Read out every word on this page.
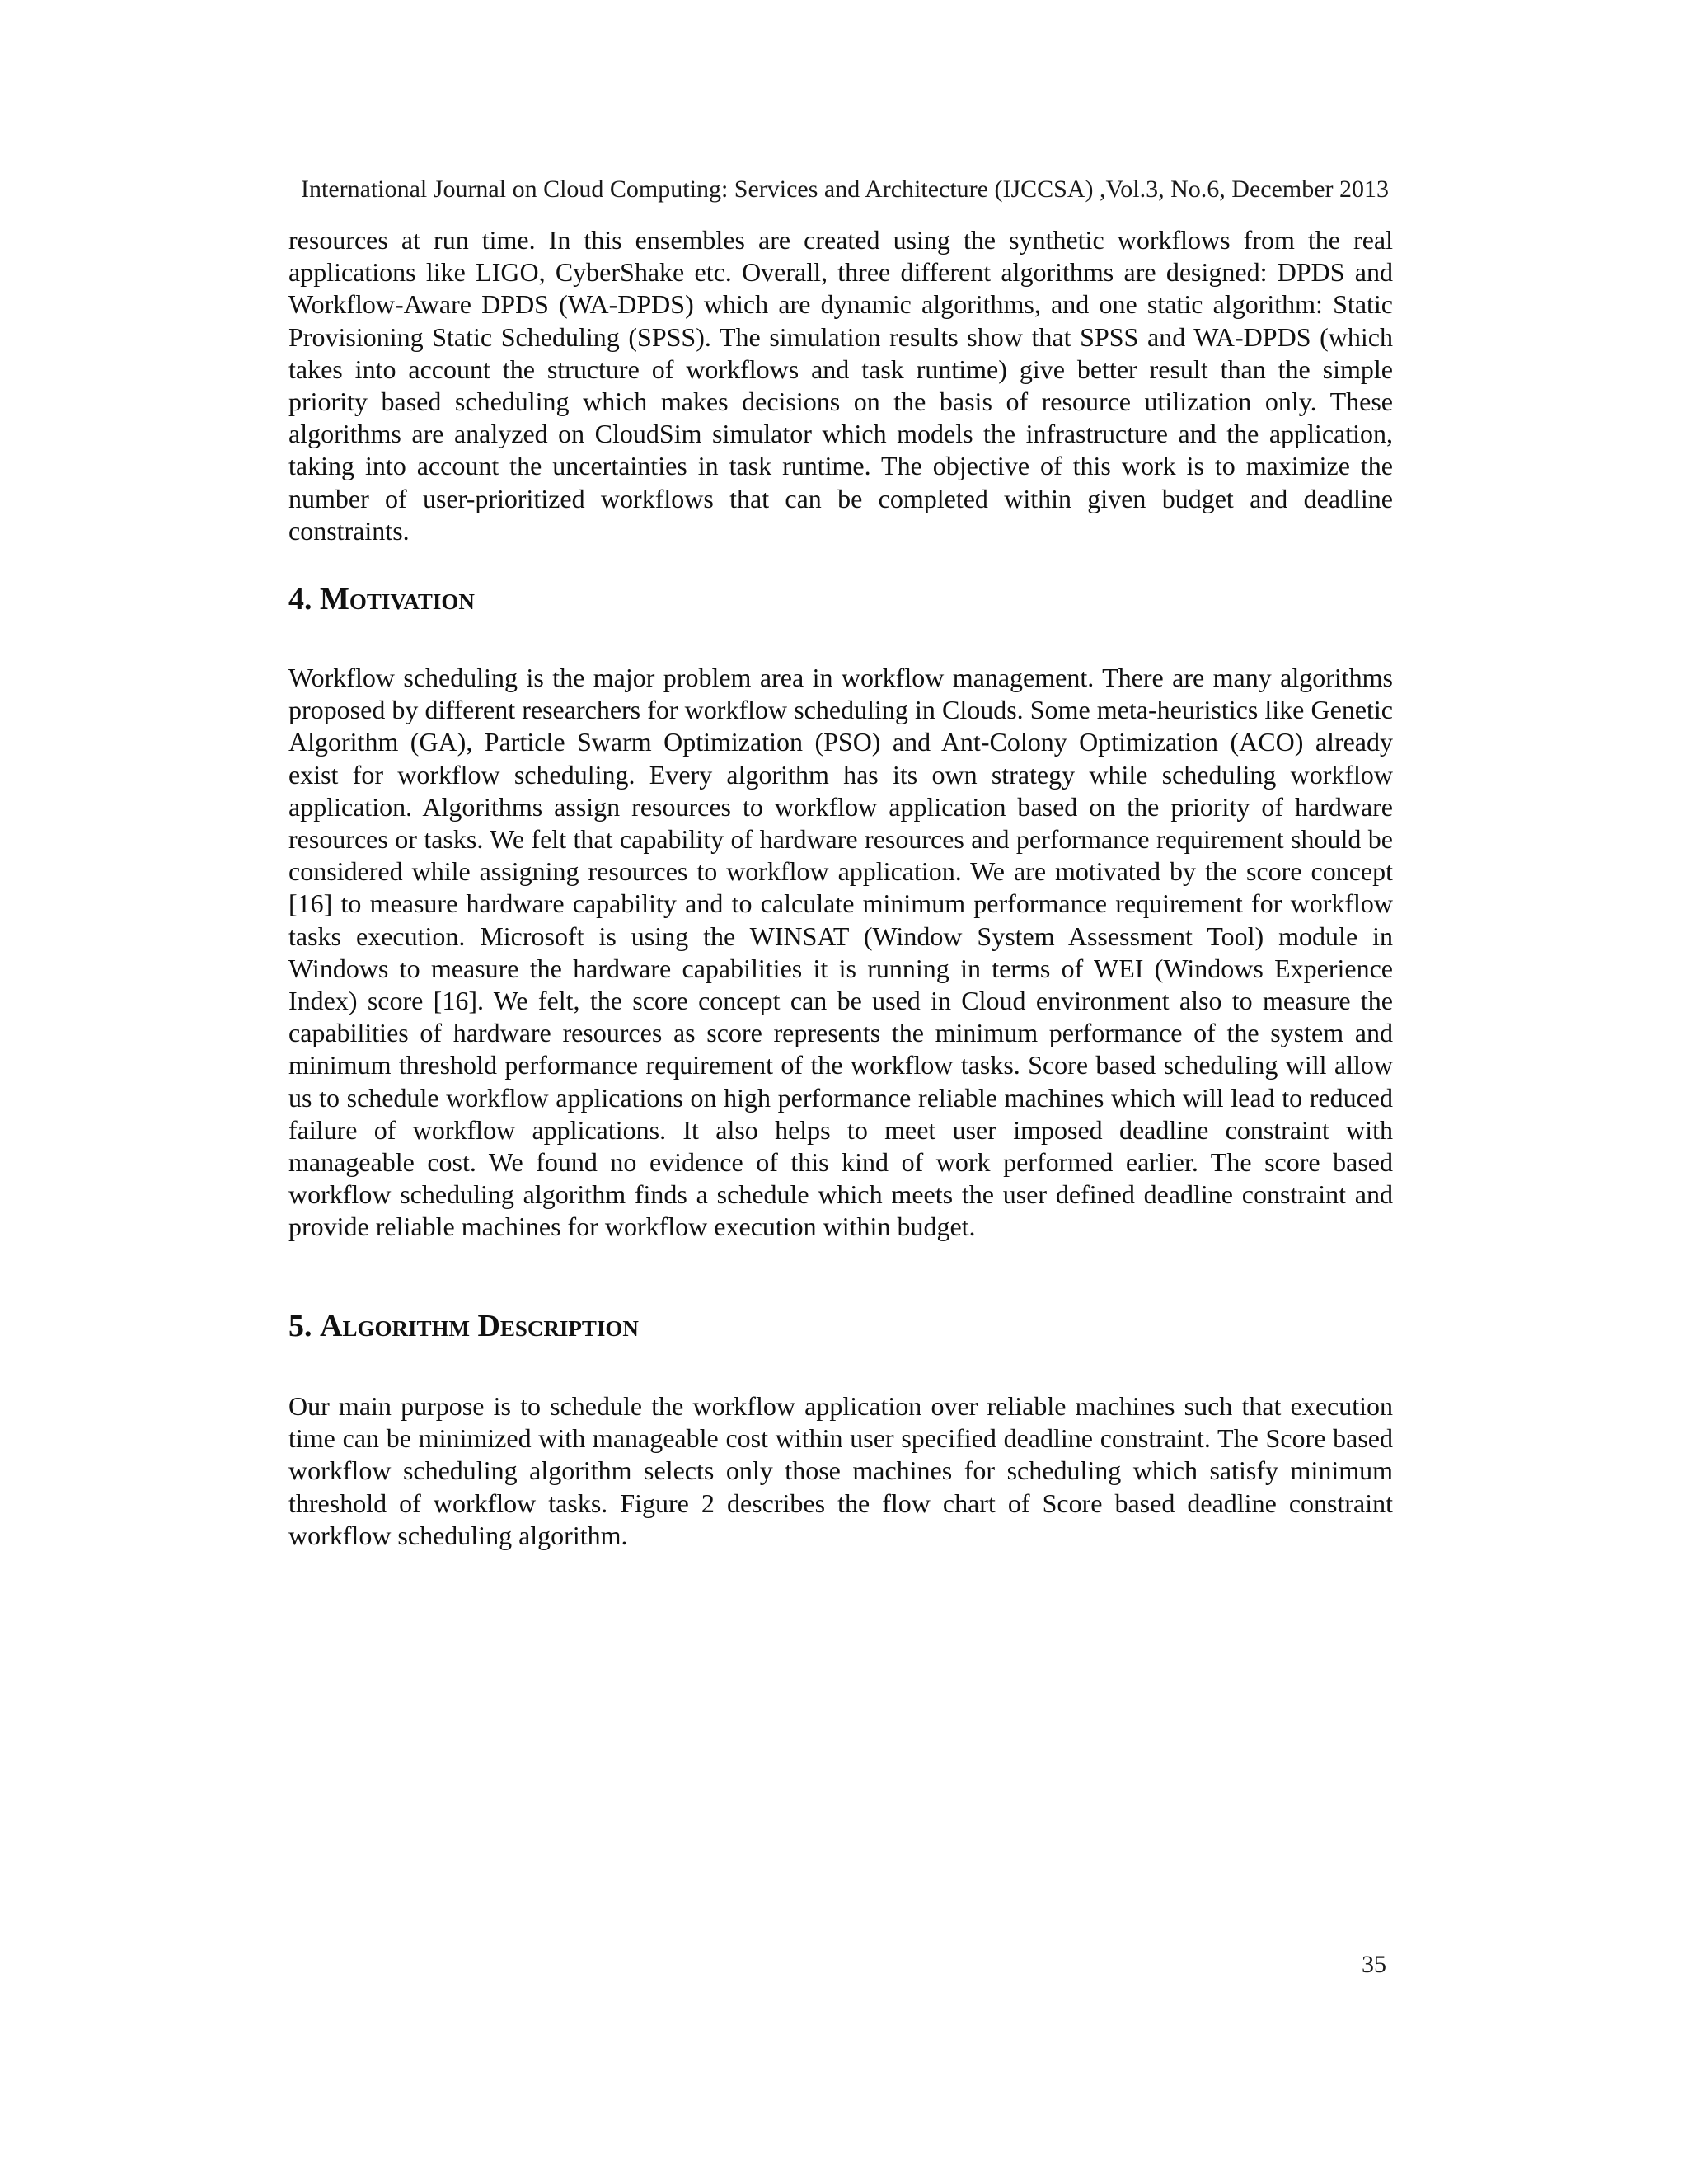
International Journal on Cloud Computing: Services and Architecture (IJCCSA) ,Vol.3, No.6, December 2013

resources at run time. In this ensembles are created using the synthetic workflows from the real applications like LIGO, CyberShake etc. Overall, three different algorithms are designed: DPDS and Workflow-Aware DPDS (WA-DPDS) which are dynamic algorithms, and one static algorithm: Static Provisioning Static Scheduling (SPSS). The simulation results show that SPSS and WA-DPDS (which takes into account the structure of workflows and task runtime) give better result than the simple priority based scheduling which makes decisions on the basis of resource utilization only. These algorithms are analyzed on CloudSim simulator which models the infrastructure and the application, taking into account the uncertainties in task runtime. The objective of this work is to maximize the number of user-prioritized workflows that can be completed within given budget and deadline constraints.

4. Motivation

Workflow scheduling is the major problem area in workflow management. There are many algorithms proposed by different researchers for workflow scheduling in Clouds. Some meta-heuristics like Genetic Algorithm (GA), Particle Swarm Optimization (PSO) and Ant-Colony Optimization (ACO) already exist for workflow scheduling. Every algorithm has its own strategy while scheduling workflow application. Algorithms assign resources to workflow application based on the priority of hardware resources or tasks. We felt that capability of hardware resources and performance requirement should be considered while assigning resources to workflow application. We are motivated by the score concept [16] to measure hardware capability and to calculate minimum performance requirement for workflow tasks execution. Microsoft is using the WINSAT (Window System Assessment Tool) module in Windows to measure the hardware capabilities it is running in terms of WEI (Windows Experience Index) score [16]. We felt, the score concept can be used in Cloud environment also to measure the capabilities of hardware resources as score represents the minimum performance of the system and minimum threshold performance requirement of the workflow tasks. Score based scheduling will allow us to schedule workflow applications on high performance reliable machines which will lead to reduced failure of workflow applications. It also helps to meet user imposed deadline constraint with manageable cost. We found no evidence of this kind of work performed earlier. The score based workflow scheduling algorithm finds a schedule which meets the user defined deadline constraint and provide reliable machines for workflow execution within budget.

5. Algorithm Description

Our main purpose is to schedule the workflow application over reliable machines such that execution time can be minimized with manageable cost within user specified deadline constraint. The Score based workflow scheduling algorithm selects only those machines for scheduling which satisfy minimum threshold of workflow tasks. Figure 2 describes the flow chart of Score based deadline constraint workflow scheduling algorithm.

35
